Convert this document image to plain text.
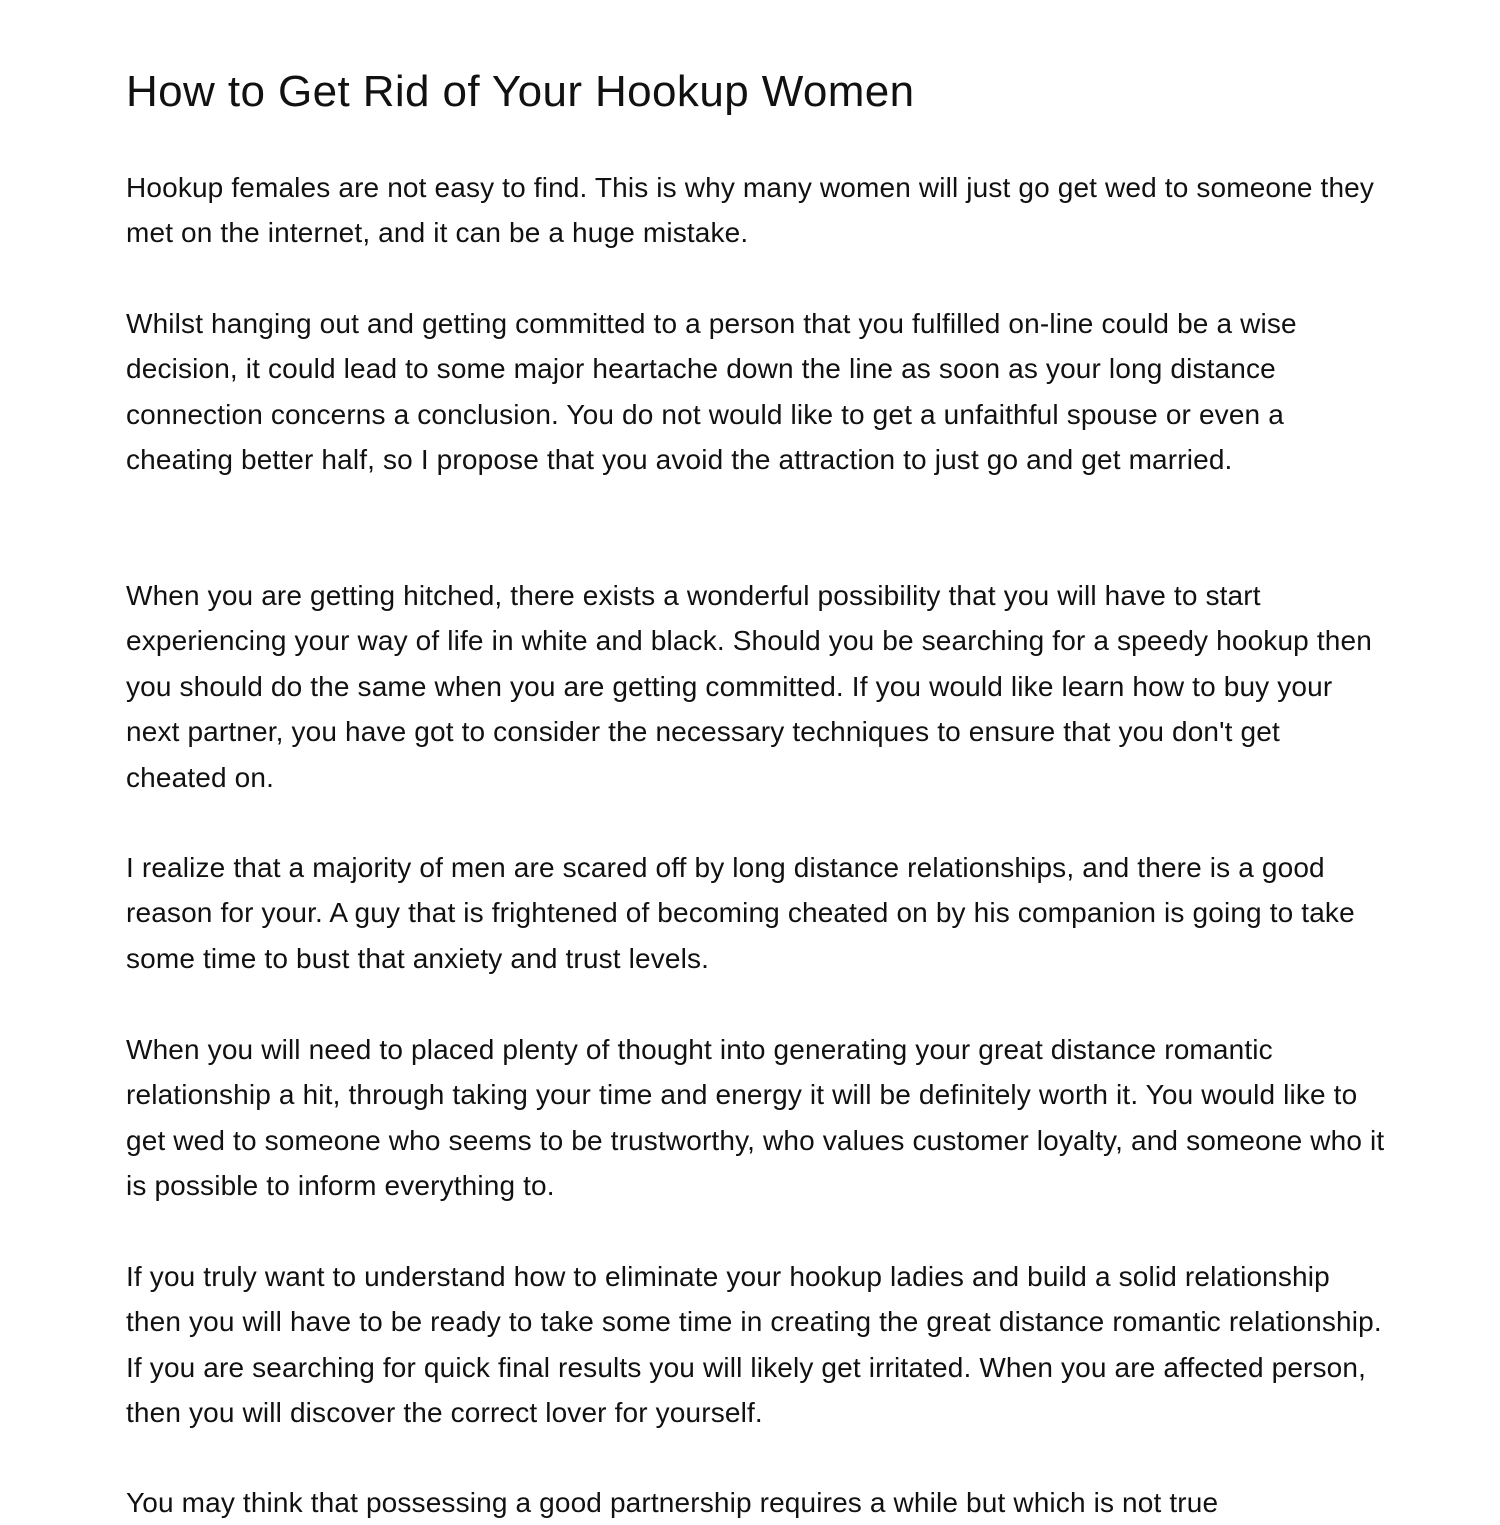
How to Get Rid of Your Hookup Women

Hookup females are not easy to find. This is why many women will just go get wed to someone they met on the internet, and it can be a huge mistake.

Whilst hanging out and getting committed to a person that you fulfilled on-line could be a wise decision, it could lead to some major heartache down the line as soon as your long distance connection concerns a conclusion. You do not would like to get a unfaithful spouse or even a cheating better half, so I propose that you avoid the attraction to just go and get married.

When you are getting hitched, there exists a wonderful possibility that you will have to start experiencing your way of life in white and black. Should you be searching for a speedy hookup then you should do the same when you are getting committed. If you would like learn how to buy your next partner, you have got to consider the necessary techniques to ensure that you don't get cheated on.

I realize that a majority of men are scared off by long distance relationships, and there is a good reason for your. A guy that is frightened of becoming cheated on by his companion is going to take some time to bust that anxiety and trust levels.

When you will need to placed plenty of thought into generating your great distance romantic relationship a hit, through taking your time and energy it will be definitely worth it. You would like to get wed to someone who seems to be trustworthy, who values customer loyalty, and someone who it is possible to inform everything to.

If you truly want to understand how to eliminate your hookup ladies and build a solid relationship then you will have to be ready to take some time in creating the great distance romantic relationship. If you are searching for quick final results you will likely get irritated. When you are affected person, then you will discover the correct lover for yourself.

You may think that possessing a good partnership requires a while but which is not true
